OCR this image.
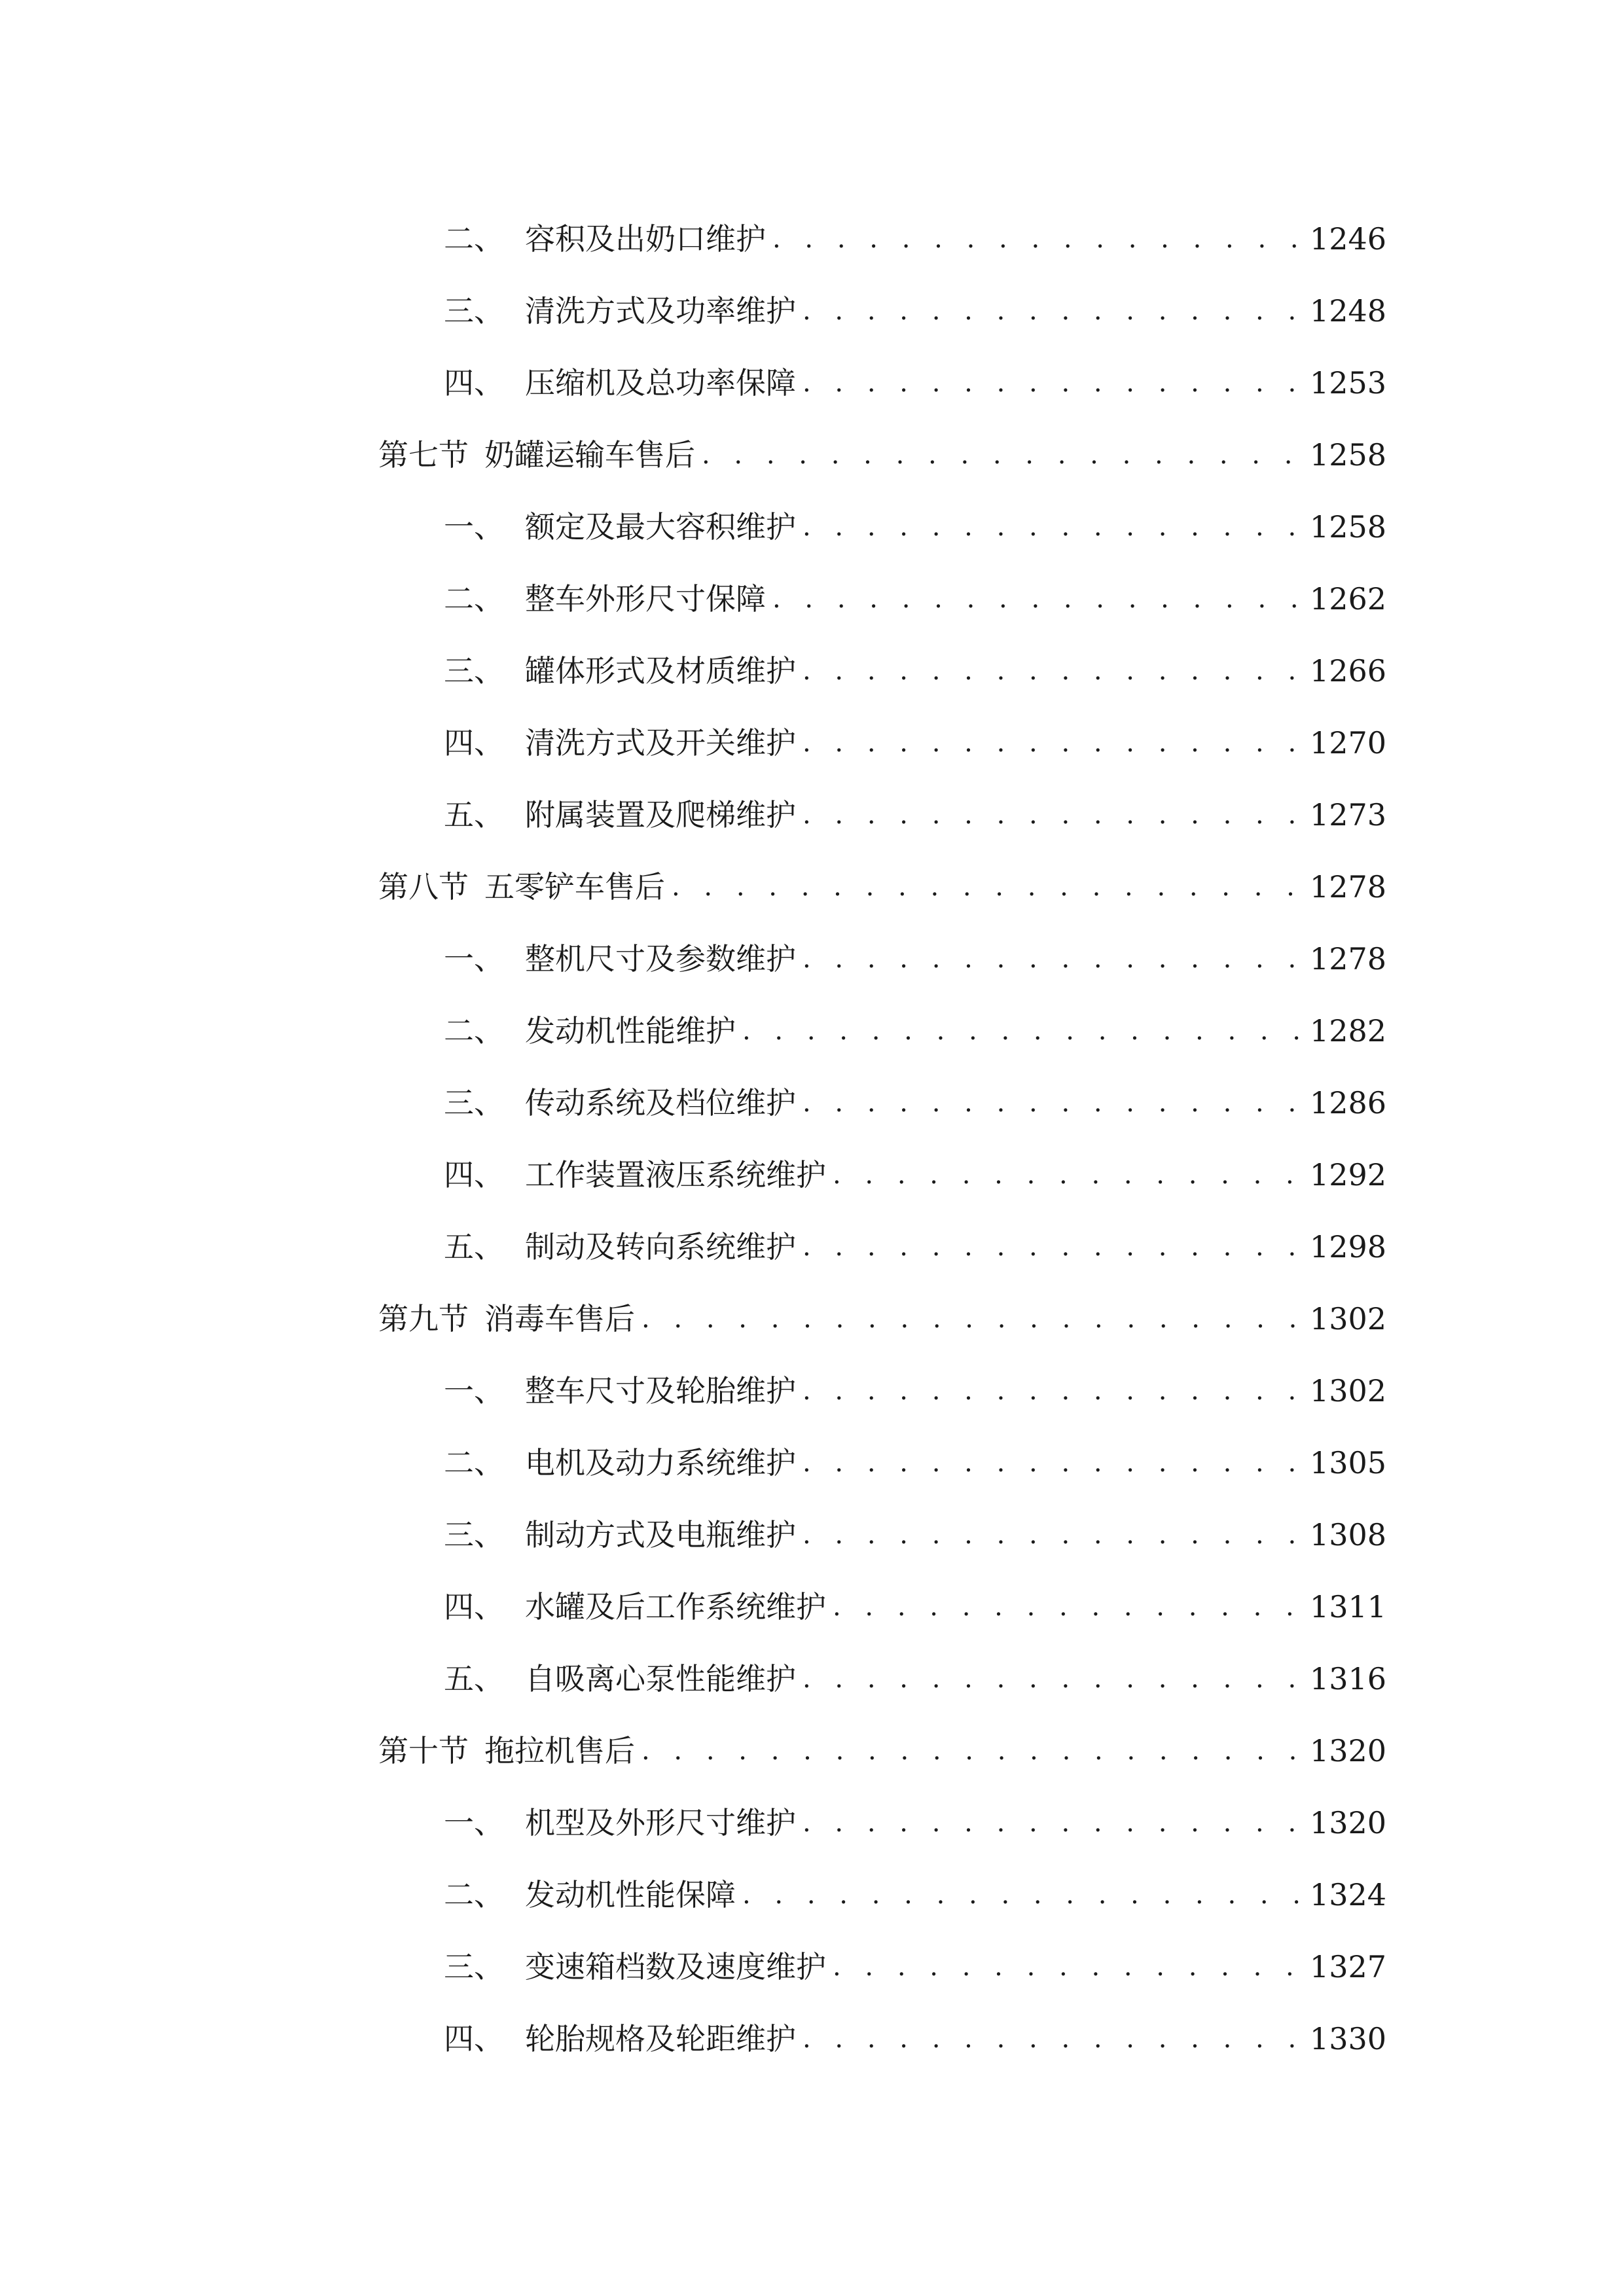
二、 容积及出奶口维护 . . .	1246
三、 清洗方式及功率维护 . . .	1248
四、 压缩机及总功率保障 . . .	1253
第七节 奶罐运输车售后 . . .	1258
一、 额定及最大容积维护 . . .	1258
二、 整车外形尺寸保障 . . .	1262
三、 罐体形式及材质维护 . . .	1266
四、 清洗方式及开关维护 . . .	1270
五、 附属装置及爬梯维护 . . .	1273
第八节 五零铲车售后 . . .	1278
一、 整机尺寸及参数维护 . . .	1278
二、 发动机性能维护 . . .	1282
三、 传动系统及档位维护 . . .	1286
四、 工作装置液压系统维护 . . .	1292
五、 制动及转向系统维护 . . .	1298
第九节 消毒车售后 . . .	1302
一、 整车尺寸及轮胎维护 . . .	1302
二、 电机及动力系统维护 . . .	1305
三、 制动方式及电瓶维护 . . .	1308
四、 水罐及后工作系统维护 . . .	1311
五、 自吸离心泵性能维护 . . .	1316
第十节 拖拉机售后 . . .	1320
一、 机型及外形尺寸维护 . . .	1320
二、 发动机性能保障 . . .	1324
三、 变速箱档数及速度维护 . . .	1327
四、 轮胎规格及轮距维护 . . .	1330
